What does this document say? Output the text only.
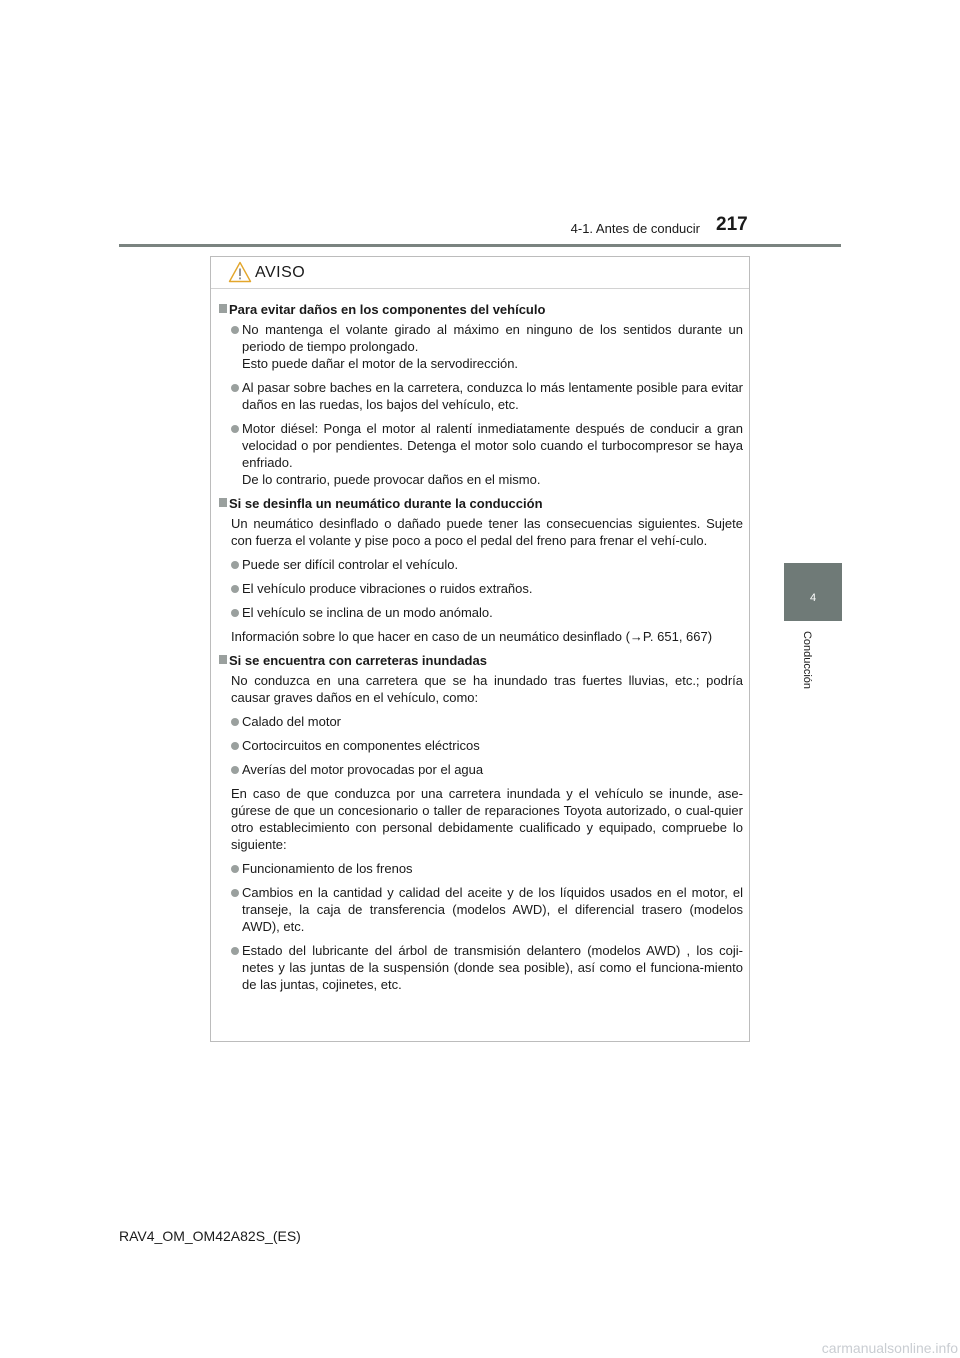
4-1. Antes de conducir 217
4
Conducción
AVISO
Para evitar daños en los componentes del vehículo
No mantenga el volante girado al máximo en ninguno de los sentidos durante un periodo de tiempo prolongado.
Esto puede dañar el motor de la servodirección.
Al pasar sobre baches en la carretera, conduzca lo más lentamente posible para evitar daños en las ruedas, los bajos del vehículo, etc.
Motor diésel: Ponga el motor al ralentí inmediatamente después de conducir a gran velocidad o por pendientes. Detenga el motor solo cuando el turbocompresor se haya enfriado.
De lo contrario, puede provocar daños en el mismo.
Si se desinfla un neumático durante la conducción
Un neumático desinflado o dañado puede tener las consecuencias siguientes. Sujete con fuerza el volante y pise poco a poco el pedal del freno para frenar el vehí-culo.
Puede ser difícil controlar el vehículo.
El vehículo produce vibraciones o ruidos extraños.
El vehículo se inclina de un modo anómalo.
Información sobre lo que hacer en caso de un neumático desinflado (→P. 651, 667)
Si se encuentra con carreteras inundadas
No conduzca en una carretera que se ha inundado tras fuertes lluvias, etc.; podría causar graves daños en el vehículo, como:
Calado del motor
Cortocircuitos en componentes eléctricos
Averías del motor provocadas por el agua
En caso de que conduzca por una carretera inundada y el vehículo se inunde, ase-gúrese de que un concesionario o taller de reparaciones Toyota autorizado, o cual-quier otro establecimiento con personal debidamente cualificado y equipado, compruebe lo siguiente:
Funcionamiento de los frenos
Cambios en la cantidad y calidad del aceite y de los líquidos usados en el motor, el transeje, la caja de transferencia (modelos AWD), el diferencial trasero (modelos AWD), etc.
Estado del lubricante del árbol de transmisión delantero (modelos AWD) , los coji-netes y las juntas de la suspensión (donde sea posible), así como el funciona-miento de las juntas, cojinetes, etc.
RAV4_OM_OM42A82S_(ES)
carmanualsonline.info
